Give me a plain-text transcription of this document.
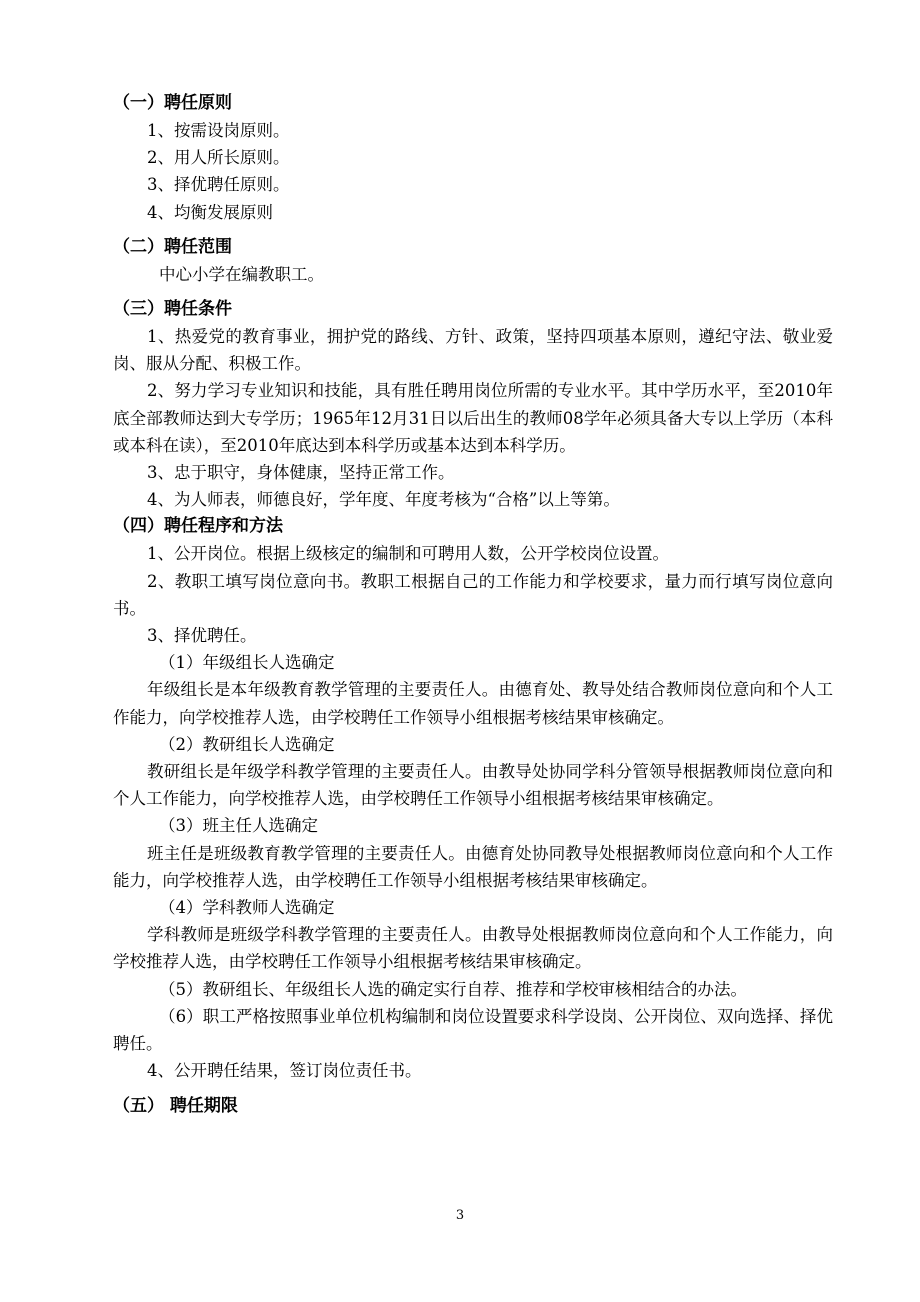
（一）聘任原则

1、按需设岗原则。

2、用人所长原则。

3、择优聘任原则。

4、均衡发展原则

（二）聘任范围

中心小学在编教职工。

（三）聘任条件

1、热爱党的教育事业，拥护党的路线、方针、政策，坚持四项基本原则，遵纪守法、敬业爱岗、服从分配、积极工作。

2、努力学习专业知识和技能，具有胜任聘用岗位所需的专业水平。其中学历水平，至2010年底全部教师达到大专学历；1965年12月31日以后出生的教师08学年必须具备大专以上学历（本科或本科在读），至2010年底达到本科学历或基本达到本科学历。

3、忠于职守，身体健康，坚持正常工作。

4、为人师表，师德良好，学年度、年度考核为“合格”以上等第。

（四）聘任程序和方法

1、公开岗位。根据上级核定的编制和可聘用人数，公开学校岗位设置。

2、教职工填写岗位意向书。教职工根据自己的工作能力和学校要求，量力而行填写岗位意向书。

3、择优聘任。

（1）年级组长人选确定

年级组长是本年级教育教学管理的主要责任人。由德育处、教导处结合教师岗位意向和个人工作能力，向学校推荐人选，由学校聘任工作领导小组根据考核结果审核确定。

（2）教研组长人选确定

教研组长是年级学科教学管理的主要责任人。由教导处协同学科分管领导根据教师岗位意向和个人工作能力，向学校推荐人选，由学校聘任工作领导小组根据考核结果审核确定。

（3）班主任人选确定

班主任是班级教育教学管理的主要责任人。由德育处协同教导处根据教师岗位意向和个人工作能力，向学校推荐人选，由学校聘任工作领导小组根据考核结果审核确定。

（4）学科教师人选确定

学科教师是班级学科教学管理的主要责任人。由教导处根据教师岗位意向和个人工作能力，向学校推荐人选，由学校聘任工作领导小组根据考核结果审核确定。

（5）教研组长、年级组长人选的确定实行自荐、推荐和学校审核相结合的办法。

（6）职工严格按照事业单位机构编制和岗位设置要求科学设岗、公开岗位、双向选择、择优聘任。

4、公开聘任结果，签订岗位责任书。

（五） 聘任期限

3
